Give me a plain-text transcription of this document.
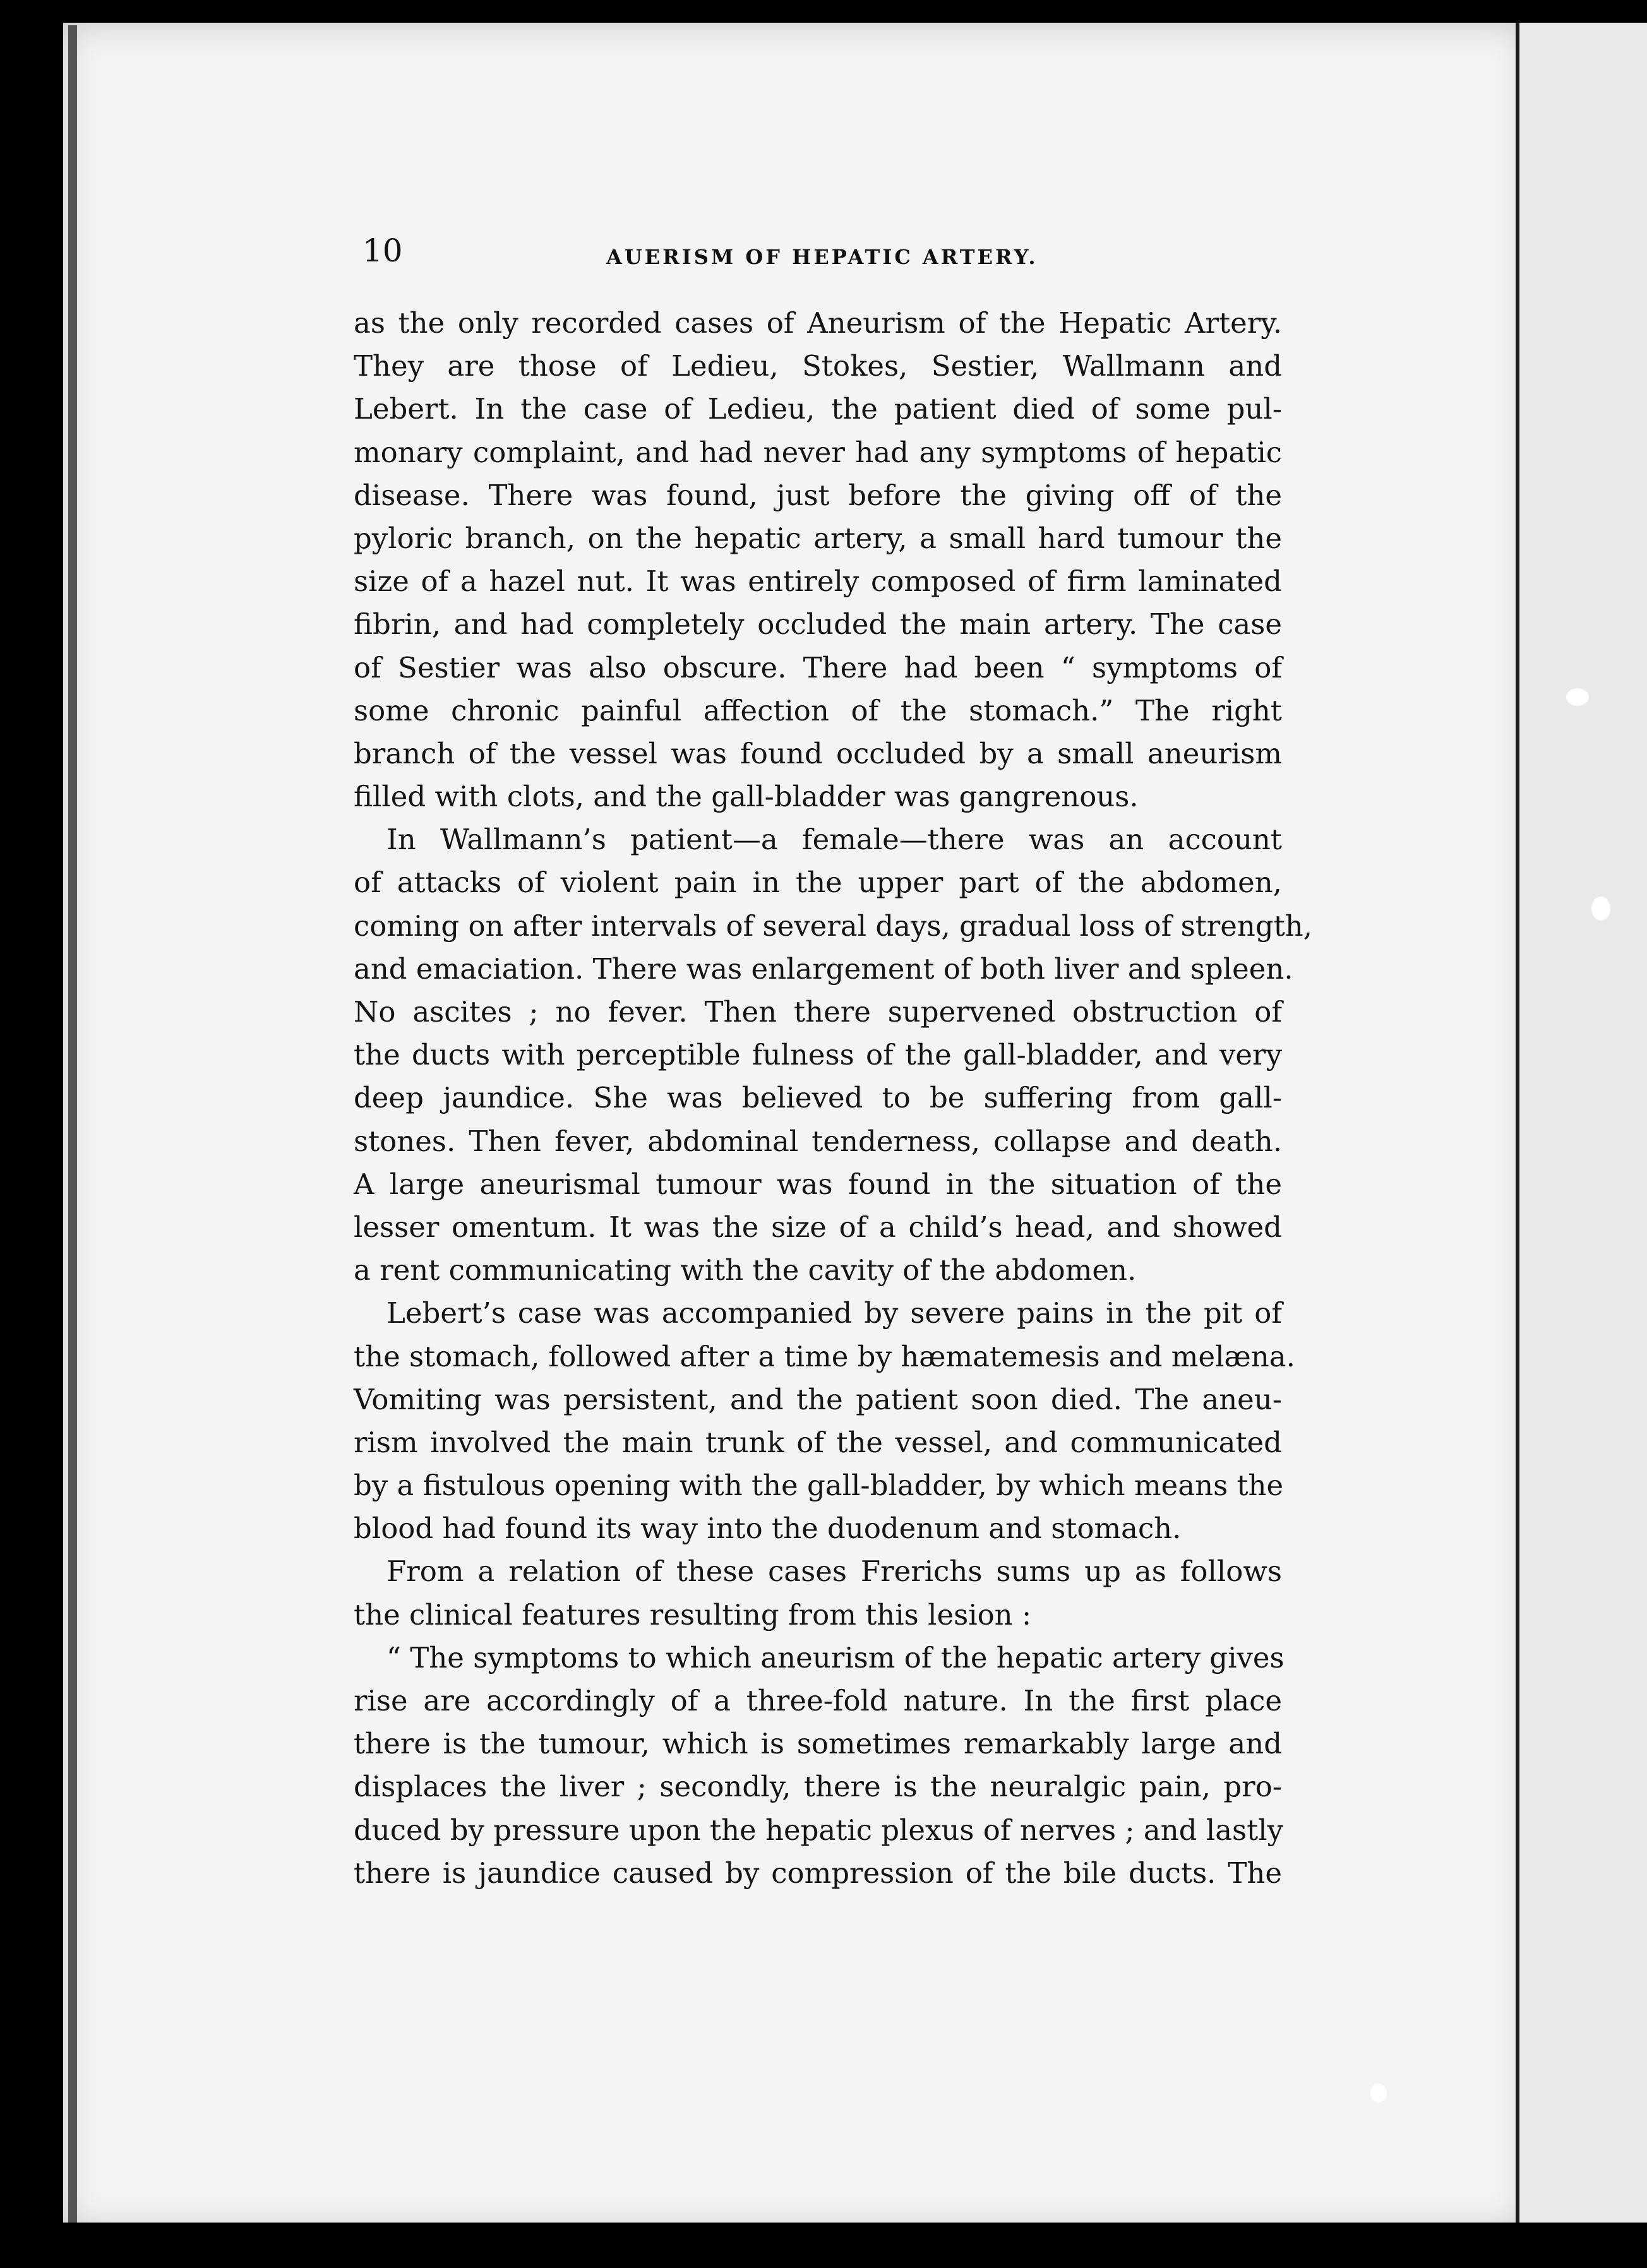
10	AUERISM OF HEPATIC ARTERY.
as the only recorded cases of Aneurism of the Hepatic Artery.
They are those of Ledieu, Stokes, Sestier, Wallmann and
Lebert. In the case of Ledieu, the patient died of some pul-
monary complaint, and had never had any symptoms of hepatic
disease. There was found, just before the giving off of the
pyloric branch, on the hepatic artery, a small hard tumour the
size of a hazel nut. It was entirely composed of firm laminated
fibrin, and had completely occluded the main artery. The case
of Sestier was also obscure. There had been “ symptoms of
some chronic painful affection of the stomach.” The right
branch of the vessel was found occluded by a small aneurism
filled with clots, and the gall-bladder was gangrenous.
In Wallmann’s patient—a female—there was an account
of attacks of violent pain in the upper part of the abdomen,
coming on after intervals of several days, gradual loss of strength,
and emaciation. There was enlargement of both liver and spleen.
No ascites ; no fever. Then there supervened obstruction of
the ducts with perceptible fulness of the gall-bladder, and very
deep jaundice. She was believed to be suffering from gall-
stones. Then fever, abdominal tenderness, collapse and death.
A large aneurismal tumour was found in the situation of the
lesser omentum. It was the size of a child’s head, and showed
a rent communicating with the cavity of the abdomen.
Lebert’s case was accompanied by severe pains in the pit of
the stomach, followed after a time by hæmatemesis and melæna.
Vomiting was persistent, and the patient soon died. The aneu-
rism involved the main trunk of the vessel, and communicated
by a fistulous opening with the gall-bladder, by which means the
blood had found its way into the duodenum and stomach.
From a relation of these cases Frerichs sums up as follows
the clinical features resulting from this lesion :
“ The symptoms to which aneurism of the hepatic artery gives
rise are accordingly of a three-fold nature. In the first place
there is the tumour, which is sometimes remarkably large and
displaces the liver ; secondly, there is the neuralgic pain, pro-
duced by pressure upon the hepatic plexus of nerves ; and lastly
there is jaundice caused by compression of the bile ducts. The
